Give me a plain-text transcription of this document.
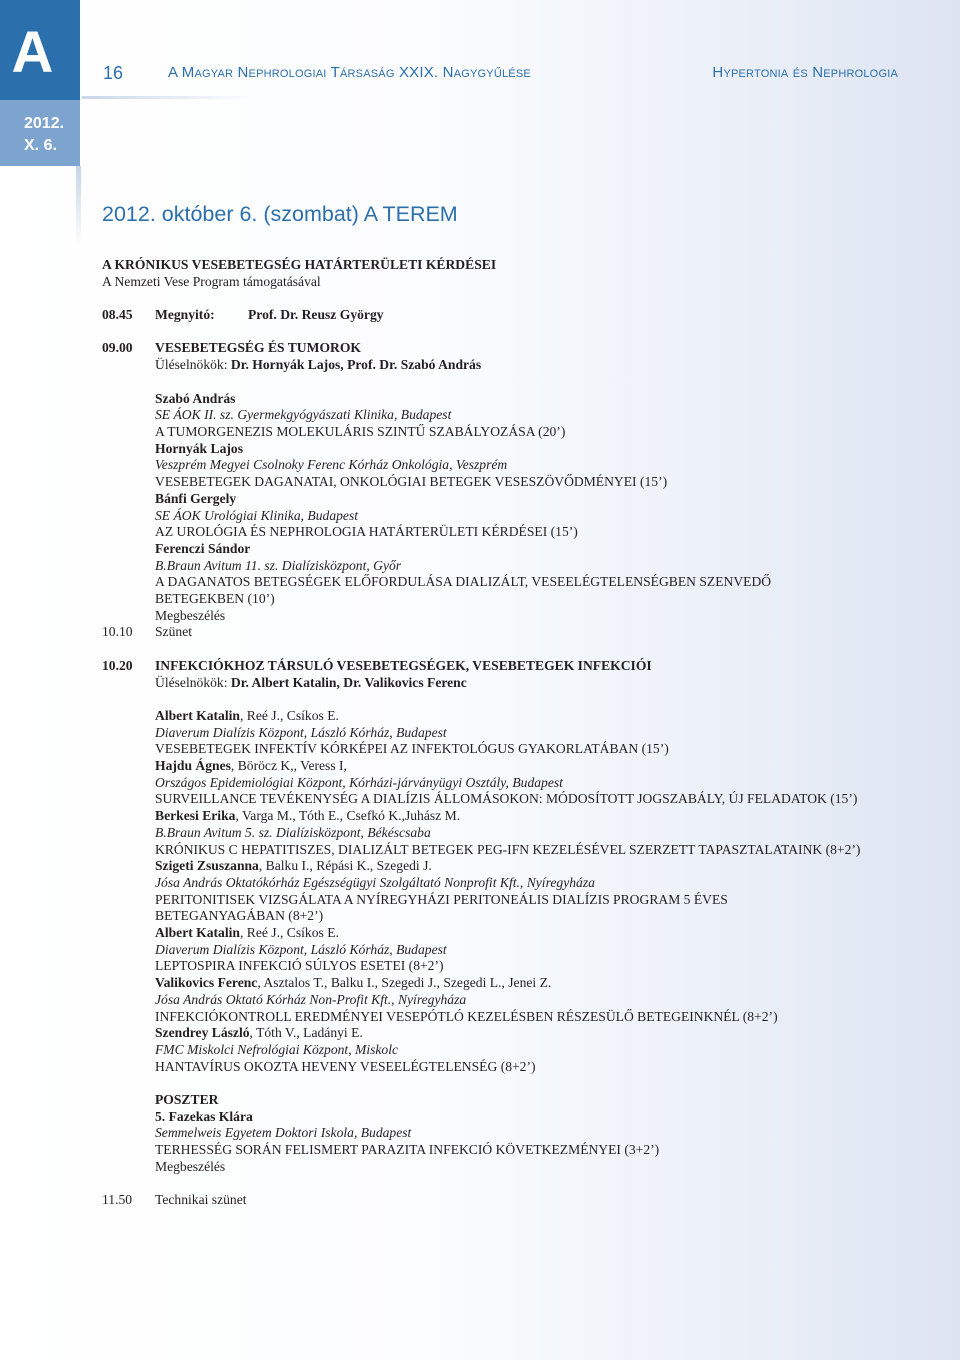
A
2012.
X. 6.
16	A Magyar Nephrologiai Társaság XXIX. Nagygyűlése	Hypertonia és Nephrologia
2012. október 6. (szombat) A TEREM
A KRÓNIKUS VESEBETEGSÉG HATÁRTERÜLETI KÉRDÉSEI
A Nemzeti Vese Program támogatásával
08.45 Megnyitó: Prof. Dr. Reusz György
09.00 VESEBETEGSÉG ÉS TUMOROK
Üléselnökök: Dr. Hornyák Lajos, Prof. Dr. Szabó András
Szabó András
SE ÁOK II. sz. Gyermekgyógyászati Klinika, Budapest
A TUMORGENEZIS MOLEKULÁRIS SZINTŰ SZABÁLYOZÁSA (20’)
Hornyák Lajos
Veszprém Megyei Csolnoky Ferenc Kórház Onkológia, Veszprém
VESEBETEGEK DAGANATAI, ONKOLÓGIAI BETEGEK VESESZÖVŐDMÉNYEI (15’)
Bánfi Gergely
SE ÁOK Urológiai Klinika, Budapest
AZ UROLÓGIA ÉS NEPHROLOGIA HATÁRTERÜLETI KÉRDÉSEI (15’)
Ferenczi Sándor
B.Braun Avitum 11. sz. Dialízisközpont, Győr
A DAGANATOS BETEGSÉGEK ELŐFORDULÁSA DIALIZÁLT, VESEELÉGTELENSÉGBEN SZENVEDŐ
BETEGEKBEN (10’)
Megbeszélés
10.10 Szünet
10.20 INFEKCIÓKHOZ TÁRSULÓ VESEBETEGSÉGEK, VESEBETEGEK INFEKCIÓI
Üléselnökök: Dr. Albert Katalin, Dr. Valikovics Ferenc
Albert Katalin, Reé J., Csíkos E.
Diaverum Dialízis Központ, László Kórház, Budapest
VESEBETEGEK INFEKTÍV KÓRKÉPEI AZ INFEKTOLÓGUS GYAKORLATÁBAN (15’)
Hajdu Ágnes, Böröcz K,, Veress I,
Országos Epidemiológiai Központ, Kórházi-járványügyi Osztály, Budapest
SURVEILLANCE TEVÉKENYSÉG A DIALÍZIS ÁLLOMÁSOKON: MÓDOSÍTOTT JOGSZABÁLY, ÚJ FELADATOK (15’)
Berkesi Erika, Varga M., Tóth E., Csefkó K.,Juhász M.
B.Braun Avitum 5. sz. Dialízisközpont, Békéscsaba
KRÓNIKUS C HEPATITISZES, DIALIZÁLT BETEGEK PEG-IFN KEZELÉSÉVEL SZERZETT TAPASZTALATAINK (8+2’)
Szigeti Zsuszanna, Balku I., Répási K., Szegedi J.
Jósa András Oktatókórház Egészségügyi Szolgáltató Nonprofit Kft., Nyíregyháza
PERITONITISEK VIZSGÁLATA A NYÍREGYHÁZI PERITONEÁLIS DIALÍZIS PROGRAM 5 ÉVES
BETEGANYAGÁBAN (8+2’)
Albert Katalin, Reé J., Csíkos E.
Diaverum Dialízis Központ, László Kórház, Budapest
LEPTOSPIRA INFEKCIÓ SÚLYOS ESETEI (8+2’)
Valikovics Ferenc, Asztalos T., Balku I., Szegedi J., Szegedi L., Jenei Z.
Jósa András Oktató Kórház Non-Profit Kft., Nyíregyháza
INFEKCIÓKONTROLL EREDMÉNYEI VESEPÓTLÓ KEZELÉSBEN RÉSZESÜLŐ BETEGEINKNÉL (8+2’)
Szendrey László, Tóth V., Ladányi E.
FMC Miskolci Nefrológiai Központ, Miskolc
HANTAVÍRUS OKOZTA HEVENY VESEELÉGTELENSÉG (8+2’)
POSZTER
5. Fazekas Klára
Semmelweis Egyetem Doktori Iskola, Budapest
TERHESSÉG SORÁN FELISMERT PARAZITA INFEKCIÓ KÖVETKEZMÉNYEI (3+2’)
Megbeszélés
11.50 Technikai szünet
